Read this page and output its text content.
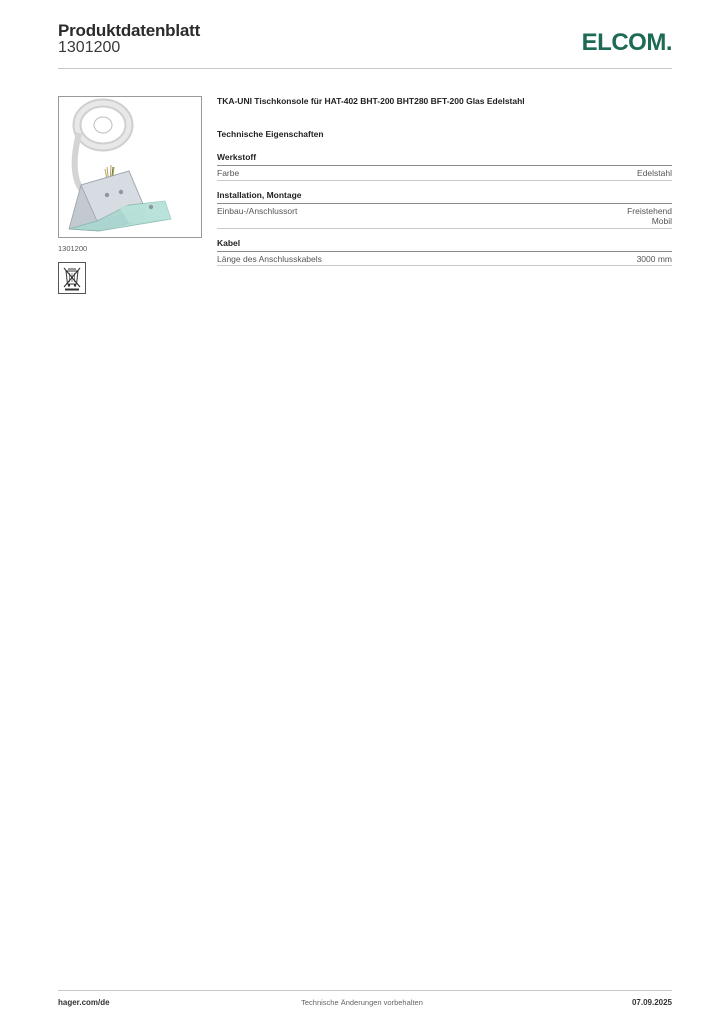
Produktdatenblatt
1301200	ELCOM.
1301200
TKA-UNI Tischkonsole für HAT-402 BHT-200 BHT280 BFT-200 Glas Edelstahl
Technische Eigenschaften
Werkstoff
Farbe	Edelstahl
Installation, Montage
Einbau-/Anschlussort	Freistehend
Mobil
Kabel
Länge des Anschlusskabels	3000 mm
hager.com/de	Technische Änderungen vorbehalten	07.09.2025
